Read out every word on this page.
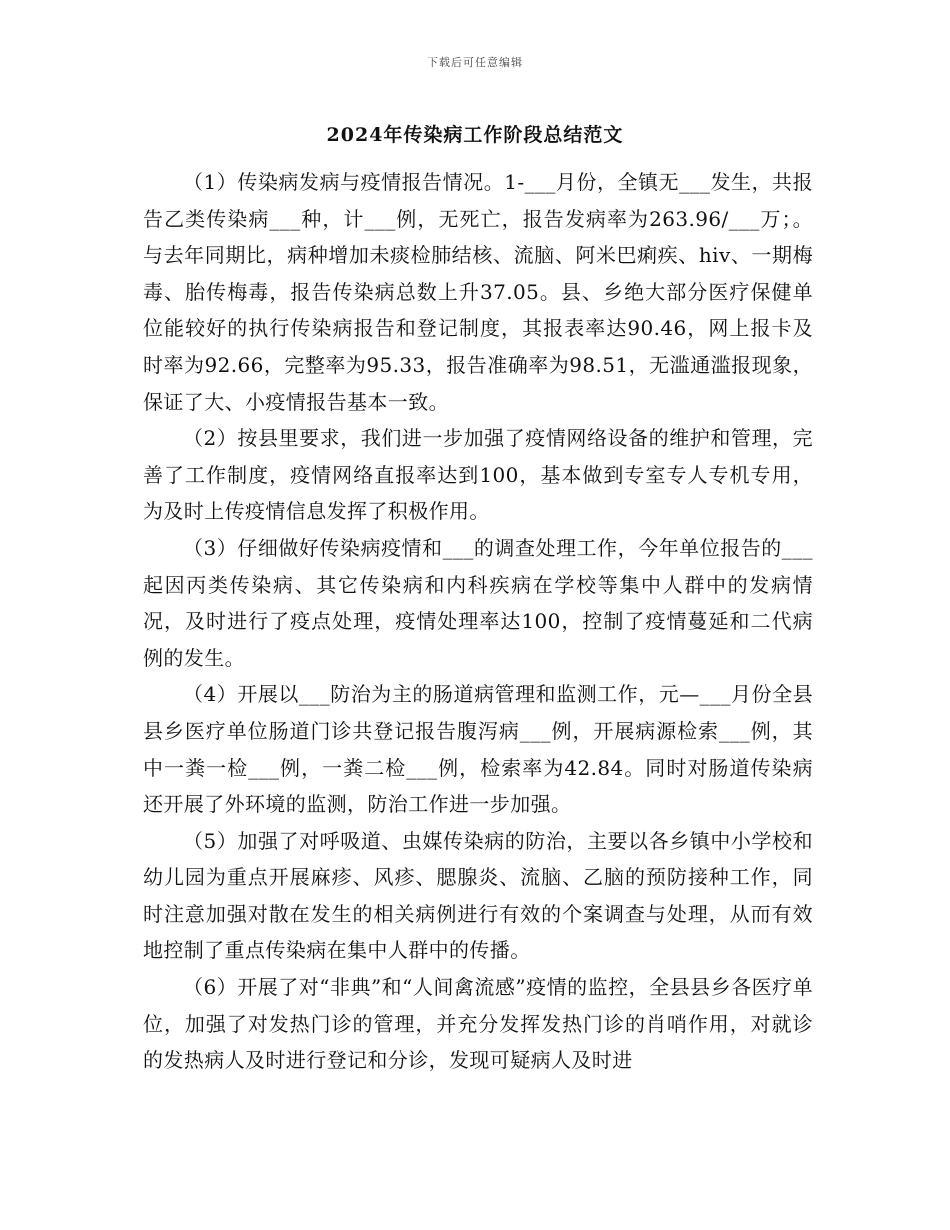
下载后可任意编辑
2024年传染病工作阶段总结范文

（1）传染病发病与疫情报告情况。1-___月份，全镇无___发生，共报告乙类传染病___种，计___例，无死亡，报告发病率为263.96/___万；。与去年同期比，病种增加未痰检肺结核、流脑、阿米巴痢疾、hiv、一期梅毒、胎传梅毒，报告传染病总数上升37.05。县、乡绝大部分医疗保健单位能较好的执行传染病报告和登记制度，其报表率达90.46，网上报卡及时率为92.66，完整率为95.33，报告准确率为98.51，无滥通滥报现象，保证了大、小疫情报告基本一致。

（2）按县里要求，我们进一步加强了疫情网络设备的维护和管理，完善了工作制度，疫情网络直报率达到100，基本做到专室专人专机专用，为及时上传疫情信息发挥了积极作用。

（3）仔细做好传染病疫情和___的调查处理工作，今年单位报告的___起因丙类传染病、其它传染病和内科疾病在学校等集中人群中的发病情况，及时进行了疫点处理，疫情处理率达100，控制了疫情蔓延和二代病例的发生。

（4）开展以___防治为主的肠道病管理和监测工作，元—___月份全县县乡医疗单位肠道门诊共登记报告腹泻病___例，开展病源检索___例，其中一粪一检___例，一粪二检___例，检索率为42.84。同时对肠道传染病还开展了外环境的监测，防治工作进一步加强。

（5）加强了对呼吸道、虫媒传染病的防治，主要以各乡镇中小学校和幼儿园为重点开展麻疹、风疹、腮腺炎、流脑、乙脑的预防接种工作，同时注意加强对散在发生的相关病例进行有效的个案调查与处理，从而有效地控制了重点传染病在集中人群中的传播。

（6）开展了对“非典”和“人间禽流感”疫情的监控，全县县乡各医疗单位，加强了对发热门诊的管理，并充分发挥发热门诊的肖哨作用，对就诊的发热病人及时进行登记和分诊，发现可疑病人及时进
